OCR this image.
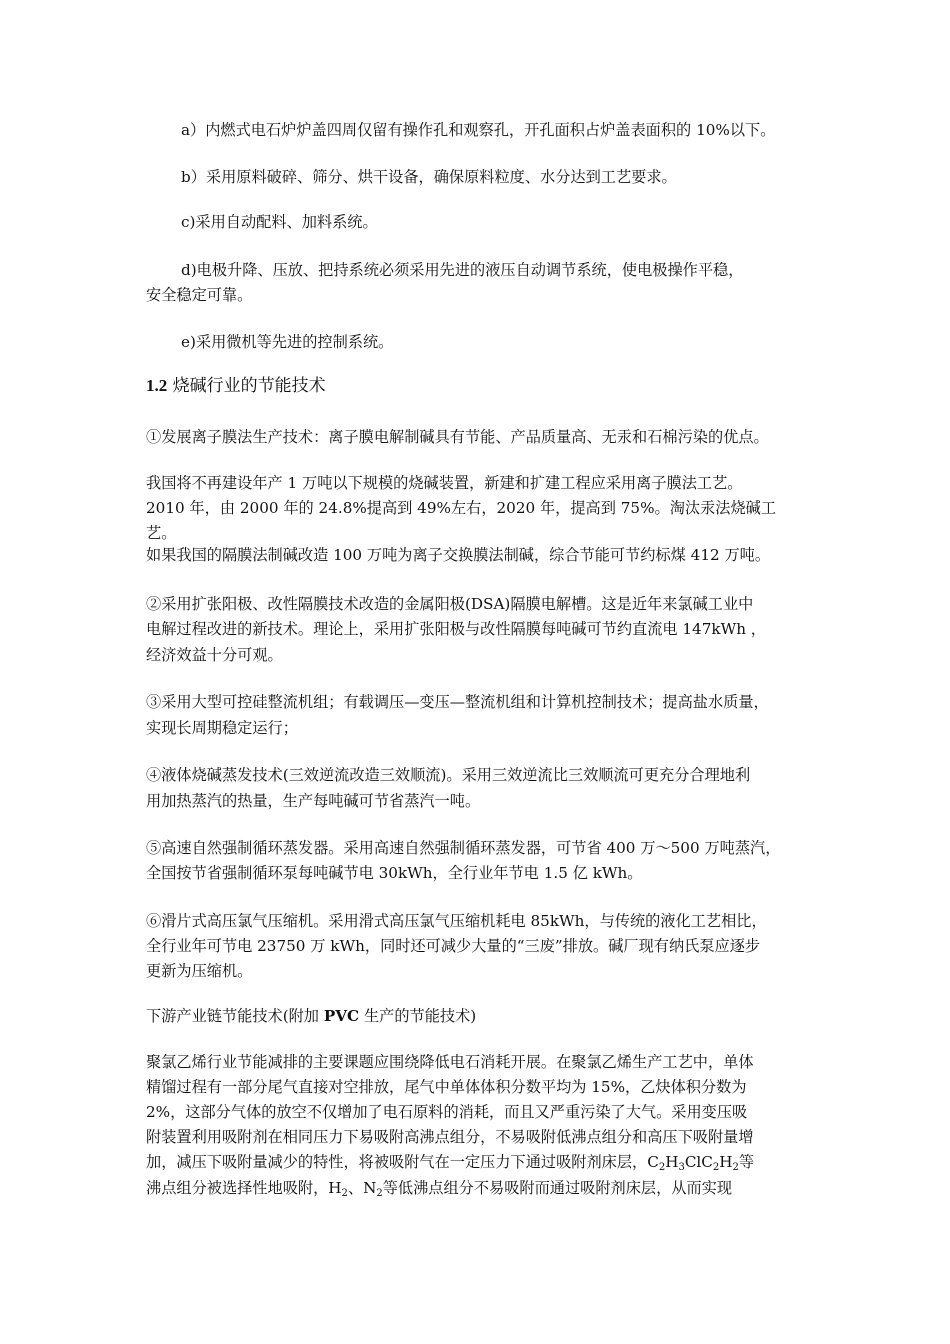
a）内燃式电石炉炉盖四周仅留有操作孔和观察孔，开孔面积占炉盖表面积的 10%以下。

b）采用原料破碎、筛分、烘干设备，确保原料粒度、水分达到工艺要求。

c)采用自动配料、加料系统。

d)电极升降、压放、把持系统必须采用先进的液压自动调节系统，使电极操作平稳，

安全稳定可靠。

e)采用微机等先进的控制系统。

1.2 烧碱行业的节能技术

①发展离子膜法生产技术：离子膜电解制碱具有节能、产品质量高、无汞和石棉污染的优点。

我国将不再建设年产 1 万吨以下规模的烧碱装置，新建和扩建工程应采用离子膜法工艺。

2010 年，由 2000 年的 24.8%提高到 49%左右，2020 年，提高到 75%。淘汰汞法烧碱工艺。

如果我国的隔膜法制碱改造 100 万吨为离子交换膜法制碱，综合节能可节约标煤 412 万吨。

②采用扩张阳极、改性隔膜技术改造的金属阳极(DSA)隔膜电解槽。这是近年来氯碱工业中

电解过程改进的新技术。理论上，采用扩张阳极与改性隔膜每吨碱可节约直流电 147kWh ，

经济效益十分可观。

③采用大型可控硅整流机组；有载调压—变压—整流机组和计算机控制技术；提高盐水质量，

实现长周期稳定运行；

④液体烧碱蒸发技术(三效逆流改造三效顺流)。采用三效逆流比三效顺流可更充分合理地利

用加热蒸汽的热量，生产每吨碱可节省蒸汽一吨。

⑤高速自然强制循环蒸发器。采用高速自然强制循环蒸发器，可节省 400 万～500 万吨蒸汽，

全国按节省强制循环泵每吨碱节电 30kWh，全行业年节电 1.5 亿 kWh。

⑥滑片式高压氯气压缩机。采用滑式高压氯气压缩机耗电 85kWh，与传统的液化工艺相比，

全行业年可节电 23750 万 kWh，同时还可减少大量的“三废”排放。碱厂现有纳氏泵应逐步

更新为压缩机。

下游产业链节能技术(附加 PVC 生产的节能技术)

聚氯乙烯行业节能减排的主要课题应围绕降低电石消耗开展。在聚氯乙烯生产工艺中，单体

精馏过程有一部分尾气直接对空排放，尾气中单体体积分数平均为 15%，乙炔体积分数为

2%，这部分气体的放空不仅增加了电石原料的消耗，而且又严重污染了大气。采用变压吸

附装置利用吸附剂在相同压力下易吸附高沸点组分，不易吸附低沸点组分和高压下吸附量增

加，减压下吸附量减少的特性，将被吸附气在一定压力下通过吸附剂床层，$C_2H_3ClC_2H_2$等

沸点组分被选择性地吸附，$H_2$、$N_2$等低沸点组分不易吸附而通过吸附剂床层，从而实现
